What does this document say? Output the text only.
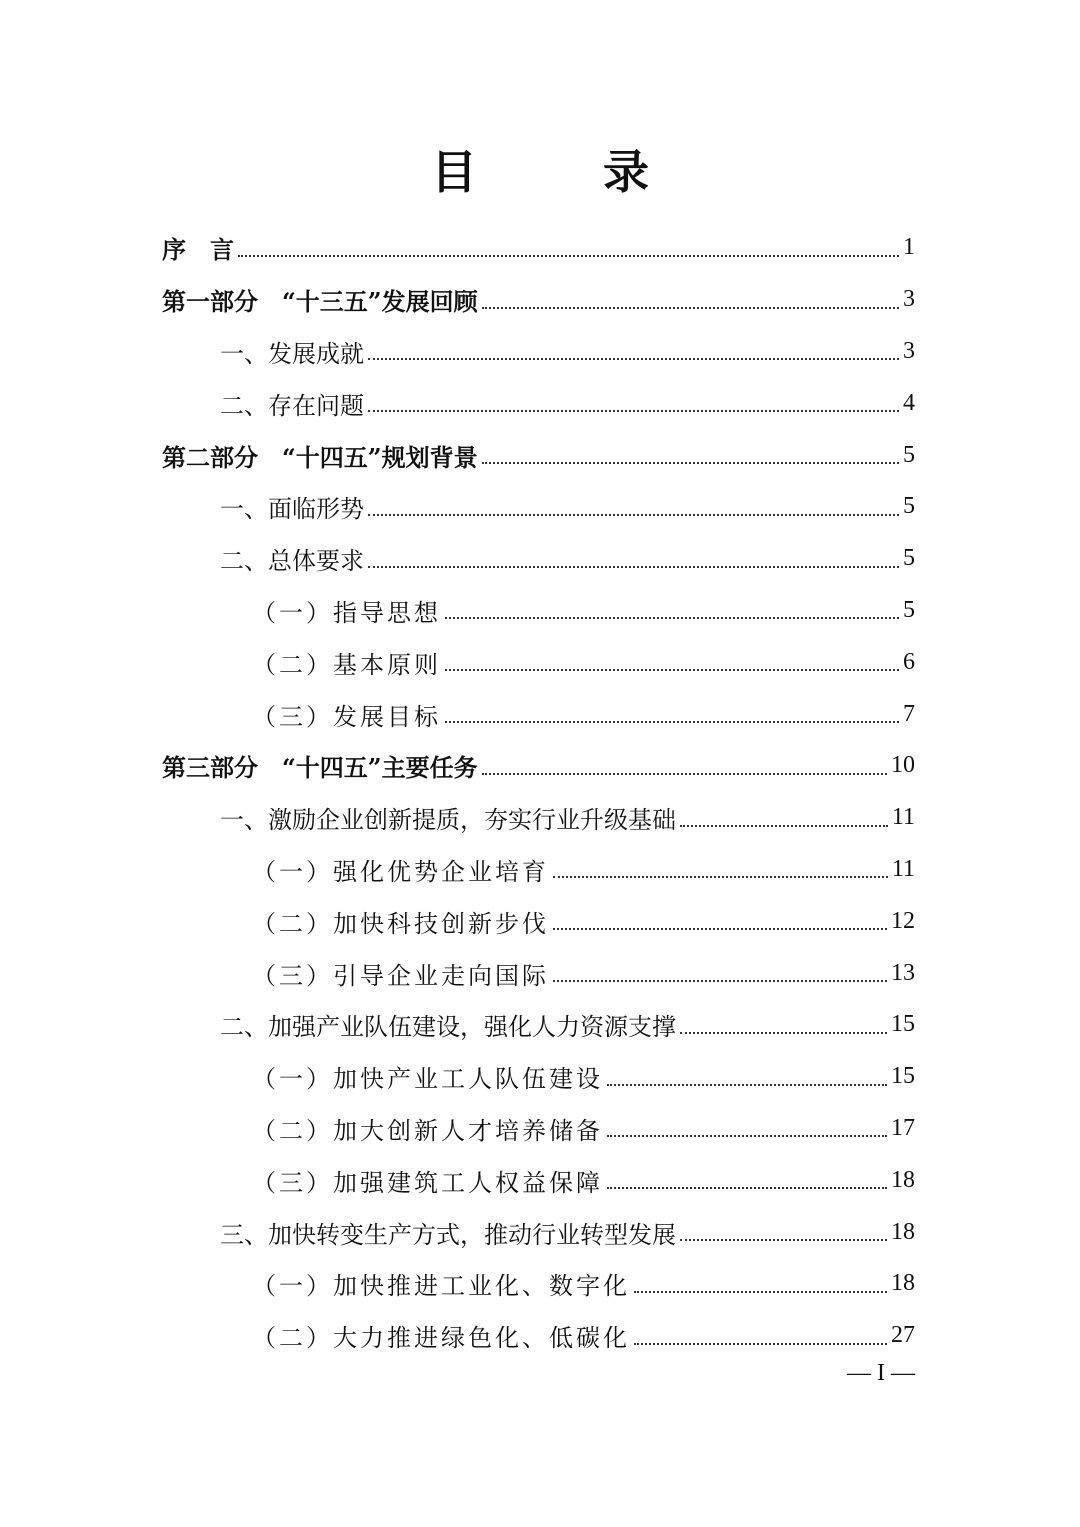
目　录
序　言	1
第一部分　“十三五”发展回顾	3
一、发展成就	3
二、存在问题	4
第二部分　“十四五”规划背景	5
一、面临形势	5
二、总体要求	5
（一）指导思想	5
（二）基本原则	6
（三）发展目标	7
第三部分　“十四五”主要任务	10
一、激励企业创新提质，夯实行业升级基础	11
（一）强化优势企业培育	11
（二）加快科技创新步伐	12
（三）引导企业走向国际	13
二、加强产业队伍建设，强化人力资源支撑	15
（一）加快产业工人队伍建设	15
（二）加大创新人才培养储备	17
（三）加强建筑工人权益保障	18
三、加快转变生产方式，推动行业转型发展	18
（一）加快推进工业化、数字化	18
（二）大力推进绿色化、低碳化	27
— I —
